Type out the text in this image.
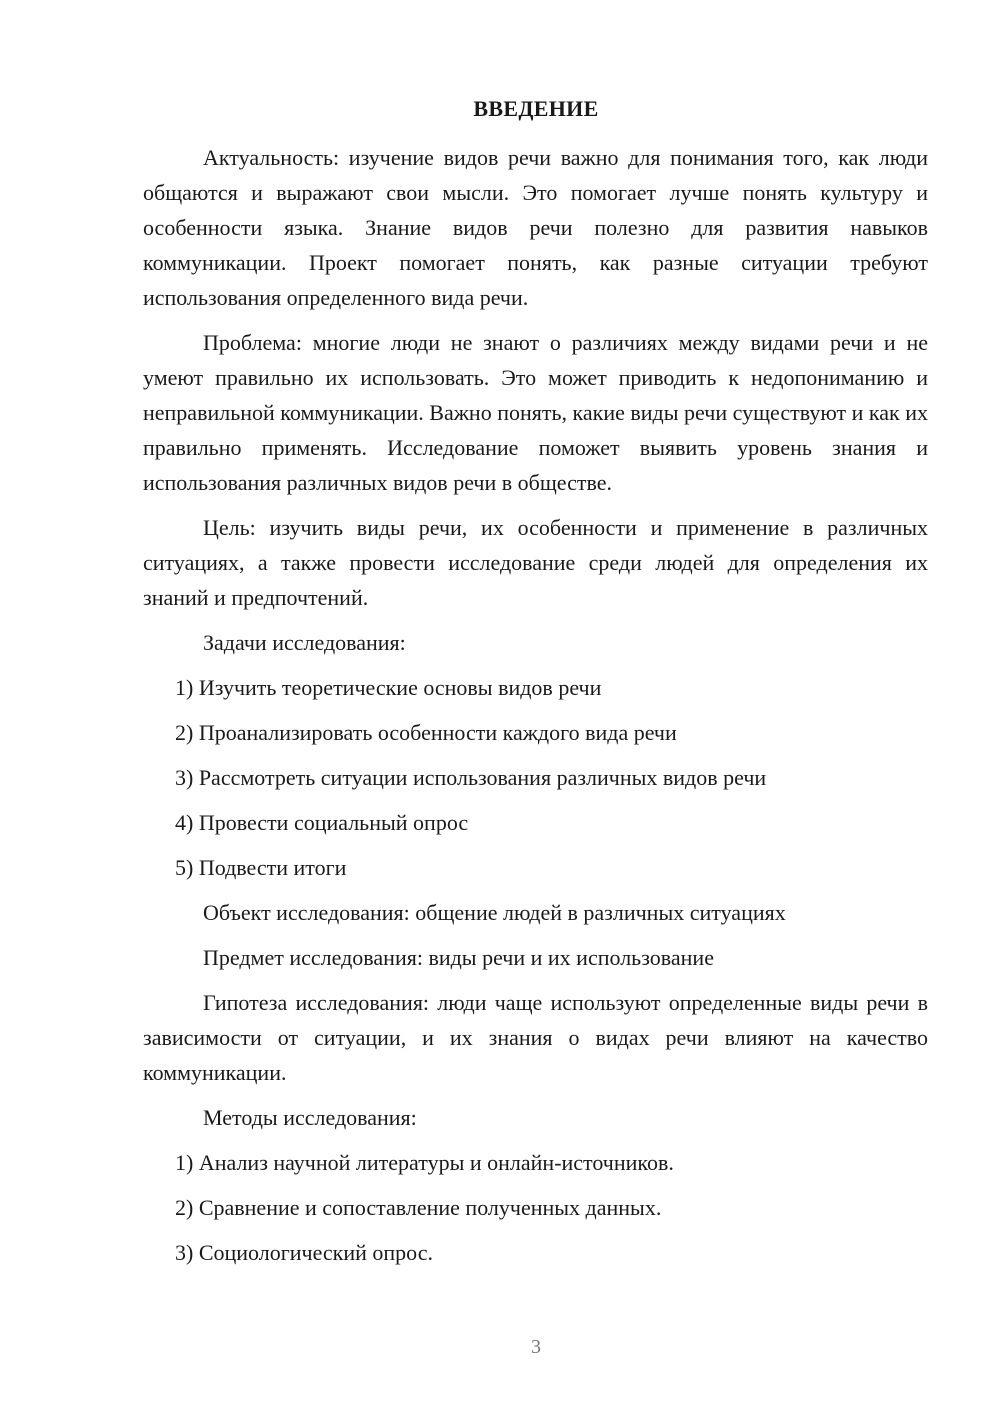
ВВЕДЕНИЕ

Актуальность: изучение видов речи важно для понимания того, как люди общаются и выражают свои мысли. Это помогает лучше понять культуру и особенности языка. Знание видов речи полезно для развития навыков коммуникации. Проект помогает понять, как разные ситуации требуют использования определенного вида речи.

Проблема: многие люди не знают о различиях между видами речи и не умеют правильно их использовать. Это может приводить к недопониманию и неправильной коммуникации. Важно понять, какие виды речи существуют и как их правильно применять. Исследование поможет выявить уровень знания и использования различных видов речи в обществе.

Цель: изучить виды речи, их особенности и применение в различных ситуациях, а также провести исследование среди людей для определения их знаний и предпочтений.

Задачи исследования:
1) Изучить теоретические основы видов речи
2) Проанализировать особенности каждого вида речи
3) Рассмотреть ситуации использования различных видов речи
4) Провести социальный опрос
5) Подвести итоги
Объект исследования: общение людей в различных ситуациях
Предмет исследования: виды речи и их использование

Гипотеза исследования: люди чаще используют определенные виды речи в зависимости от ситуации, и их знания о видах речи влияют на качество коммуникации.

Методы исследования:
1) Анализ научной литературы и онлайн-источников.
2) Сравнение и сопоставление полученных данных.
3) Социологический опрос.
3
